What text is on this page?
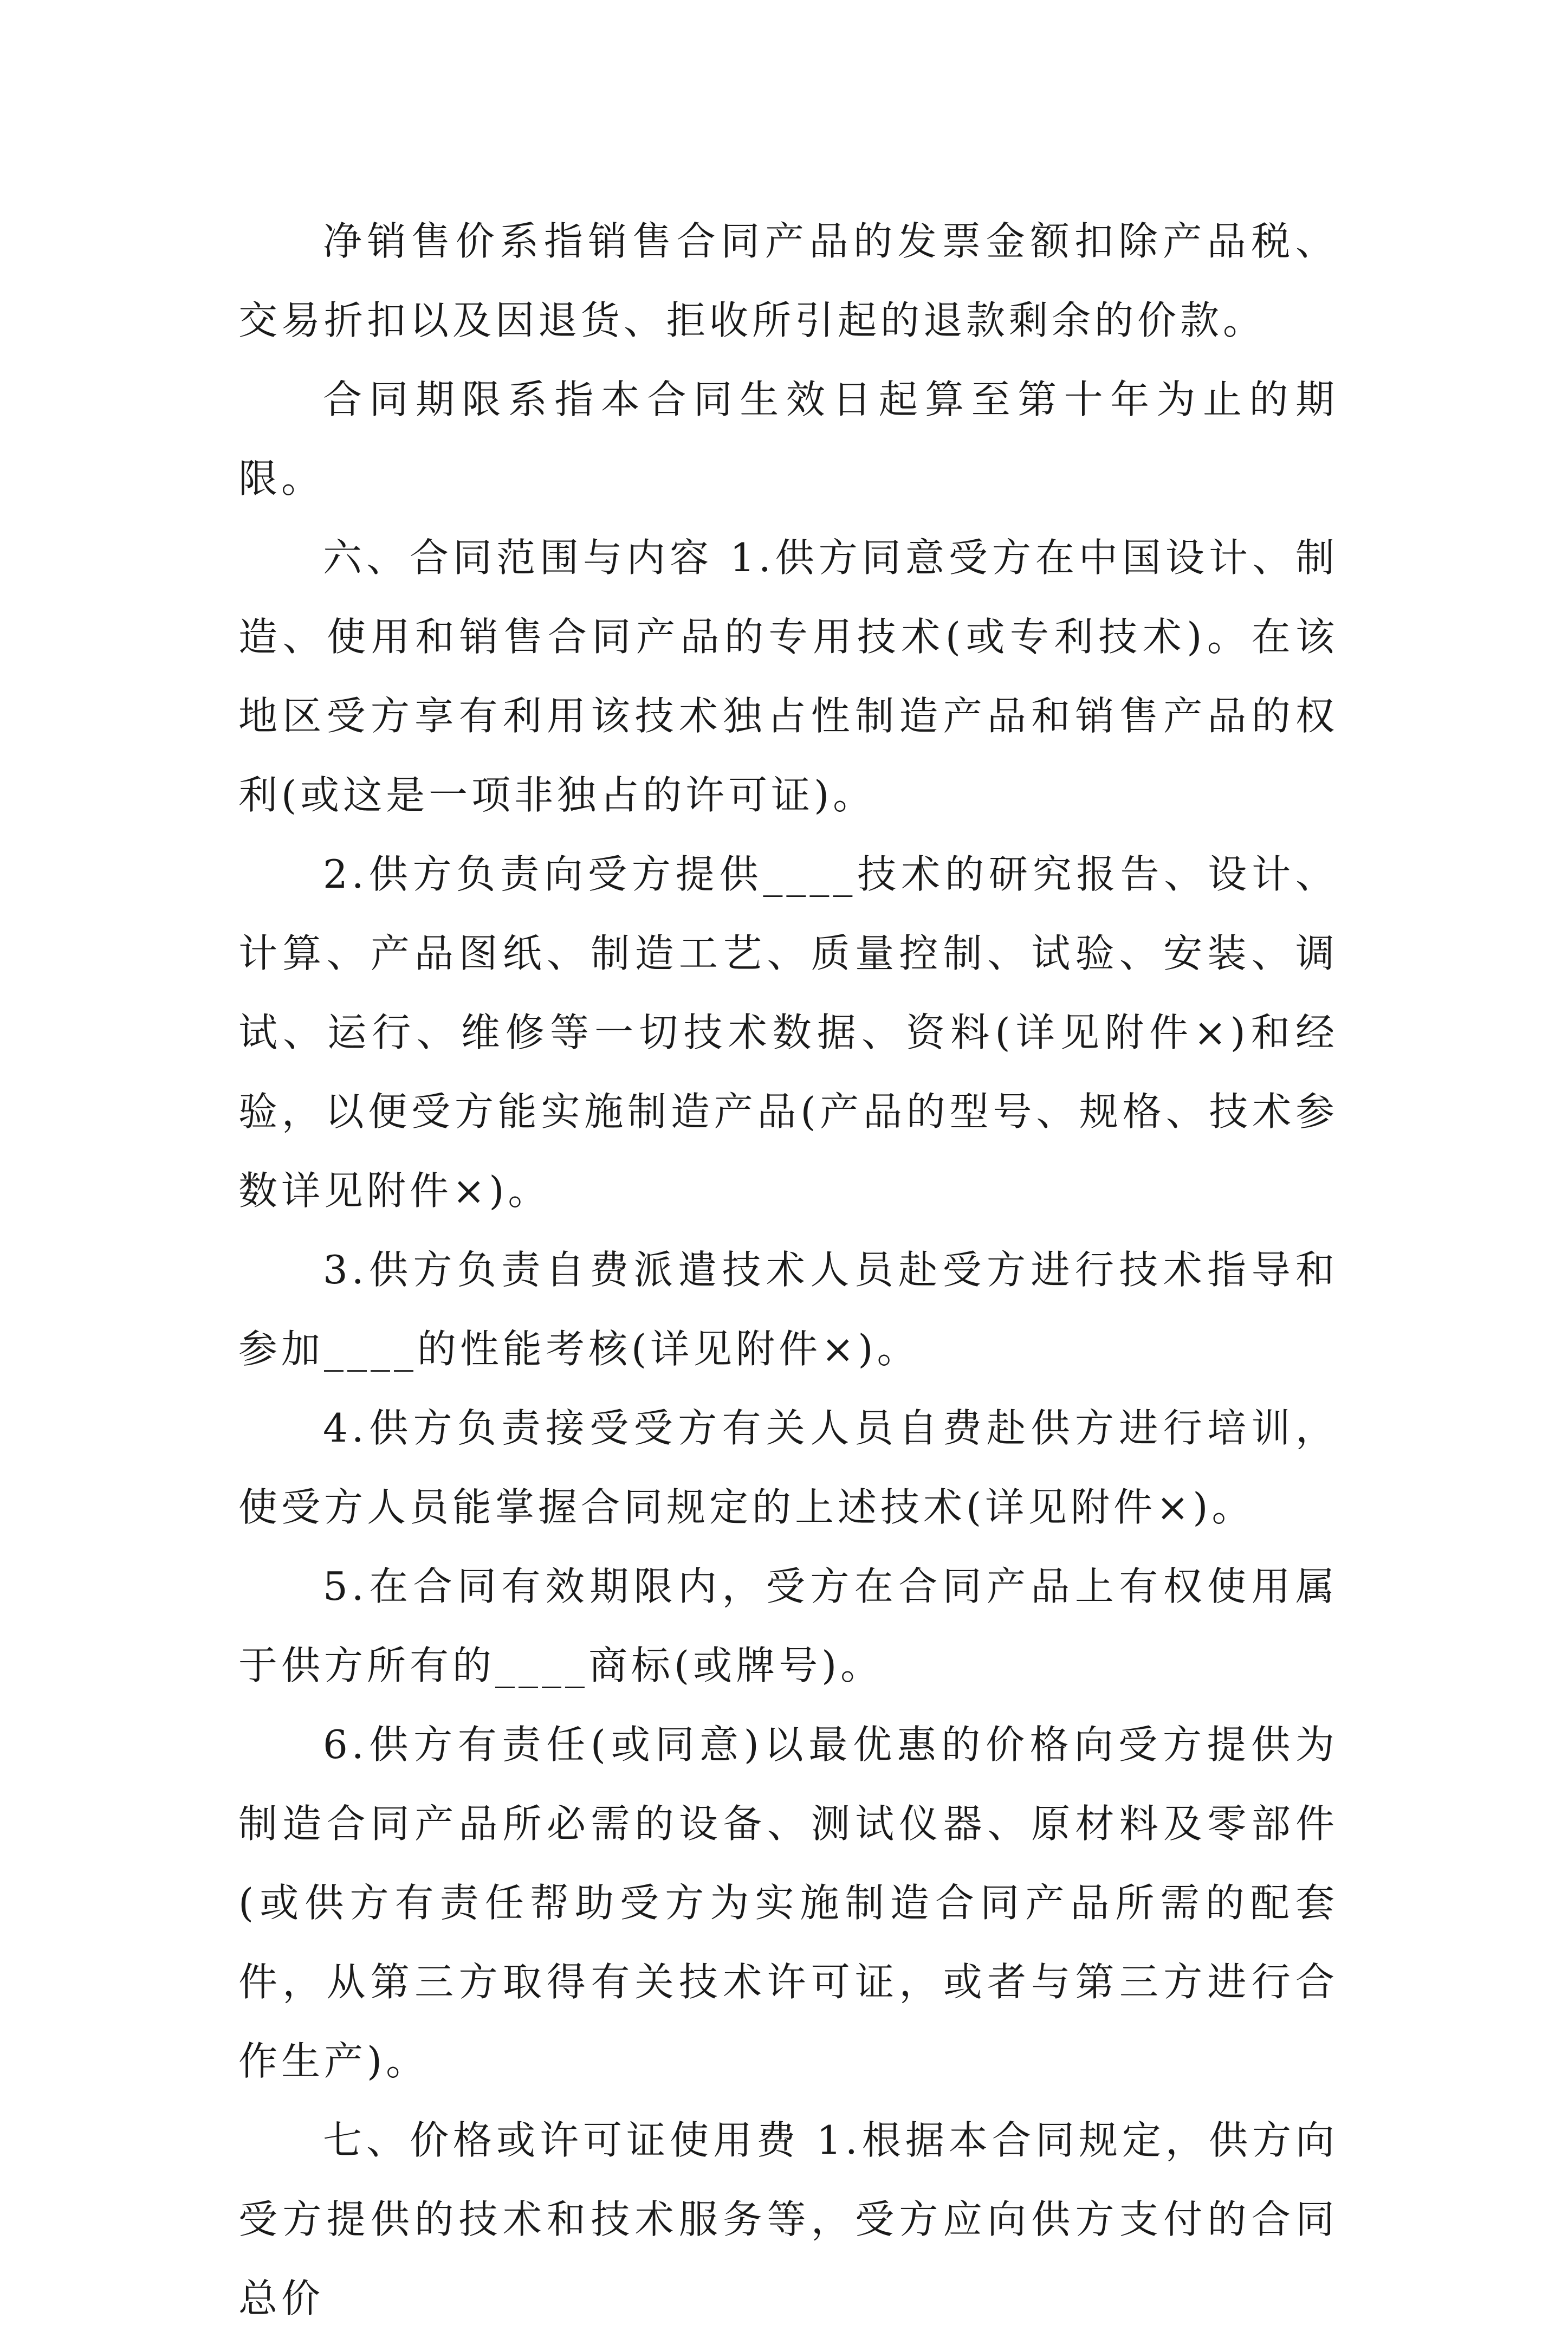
净销售价系指销售合同产品的发票金额扣除产品税、交易折扣以及因退货、拒收所引起的退款剩余的价款。

合同期限系指本合同生效日起算至第十年为止的期限。

六、合同范围与内容 1.供方同意受方在中国设计、制造、使用和销售合同产品的专用技术(或专利技术)。在该地区受方享有利用该技术独占性制造产品和销售产品的权利(或这是一项非独占的许可证)。

2.供方负责向受方提供____技术的研究报告、设计、计算、产品图纸、制造工艺、质量控制、试验、安装、调试、运行、维修等一切技术数据、资料(详见附件×)和经验，以便受方能实施制造产品(产品的型号、规格、技术参数详见附件×)。

3.供方负责自费派遣技术人员赴受方进行技术指导和参加____的性能考核(详见附件×)。

4.供方负责接受受方有关人员自费赴供方进行培训，使受方人员能掌握合同规定的上述技术(详见附件×)。

5.在合同有效期限内，受方在合同产品上有权使用属于供方所有的____商标(或牌号)。

6.供方有责任(或同意)以最优惠的价格向受方提供为制造合同产品所必需的设备、测试仪器、原材料及零部件(或供方有责任帮助受方为实施制造合同产品所需的配套件，从第三方取得有关技术许可证，或者与第三方进行合作生产)。

七、价格或许可证使用费 1.根据本合同规定，供方向受方提供的技术和技术服务等，受方应向供方支付的合同总价
